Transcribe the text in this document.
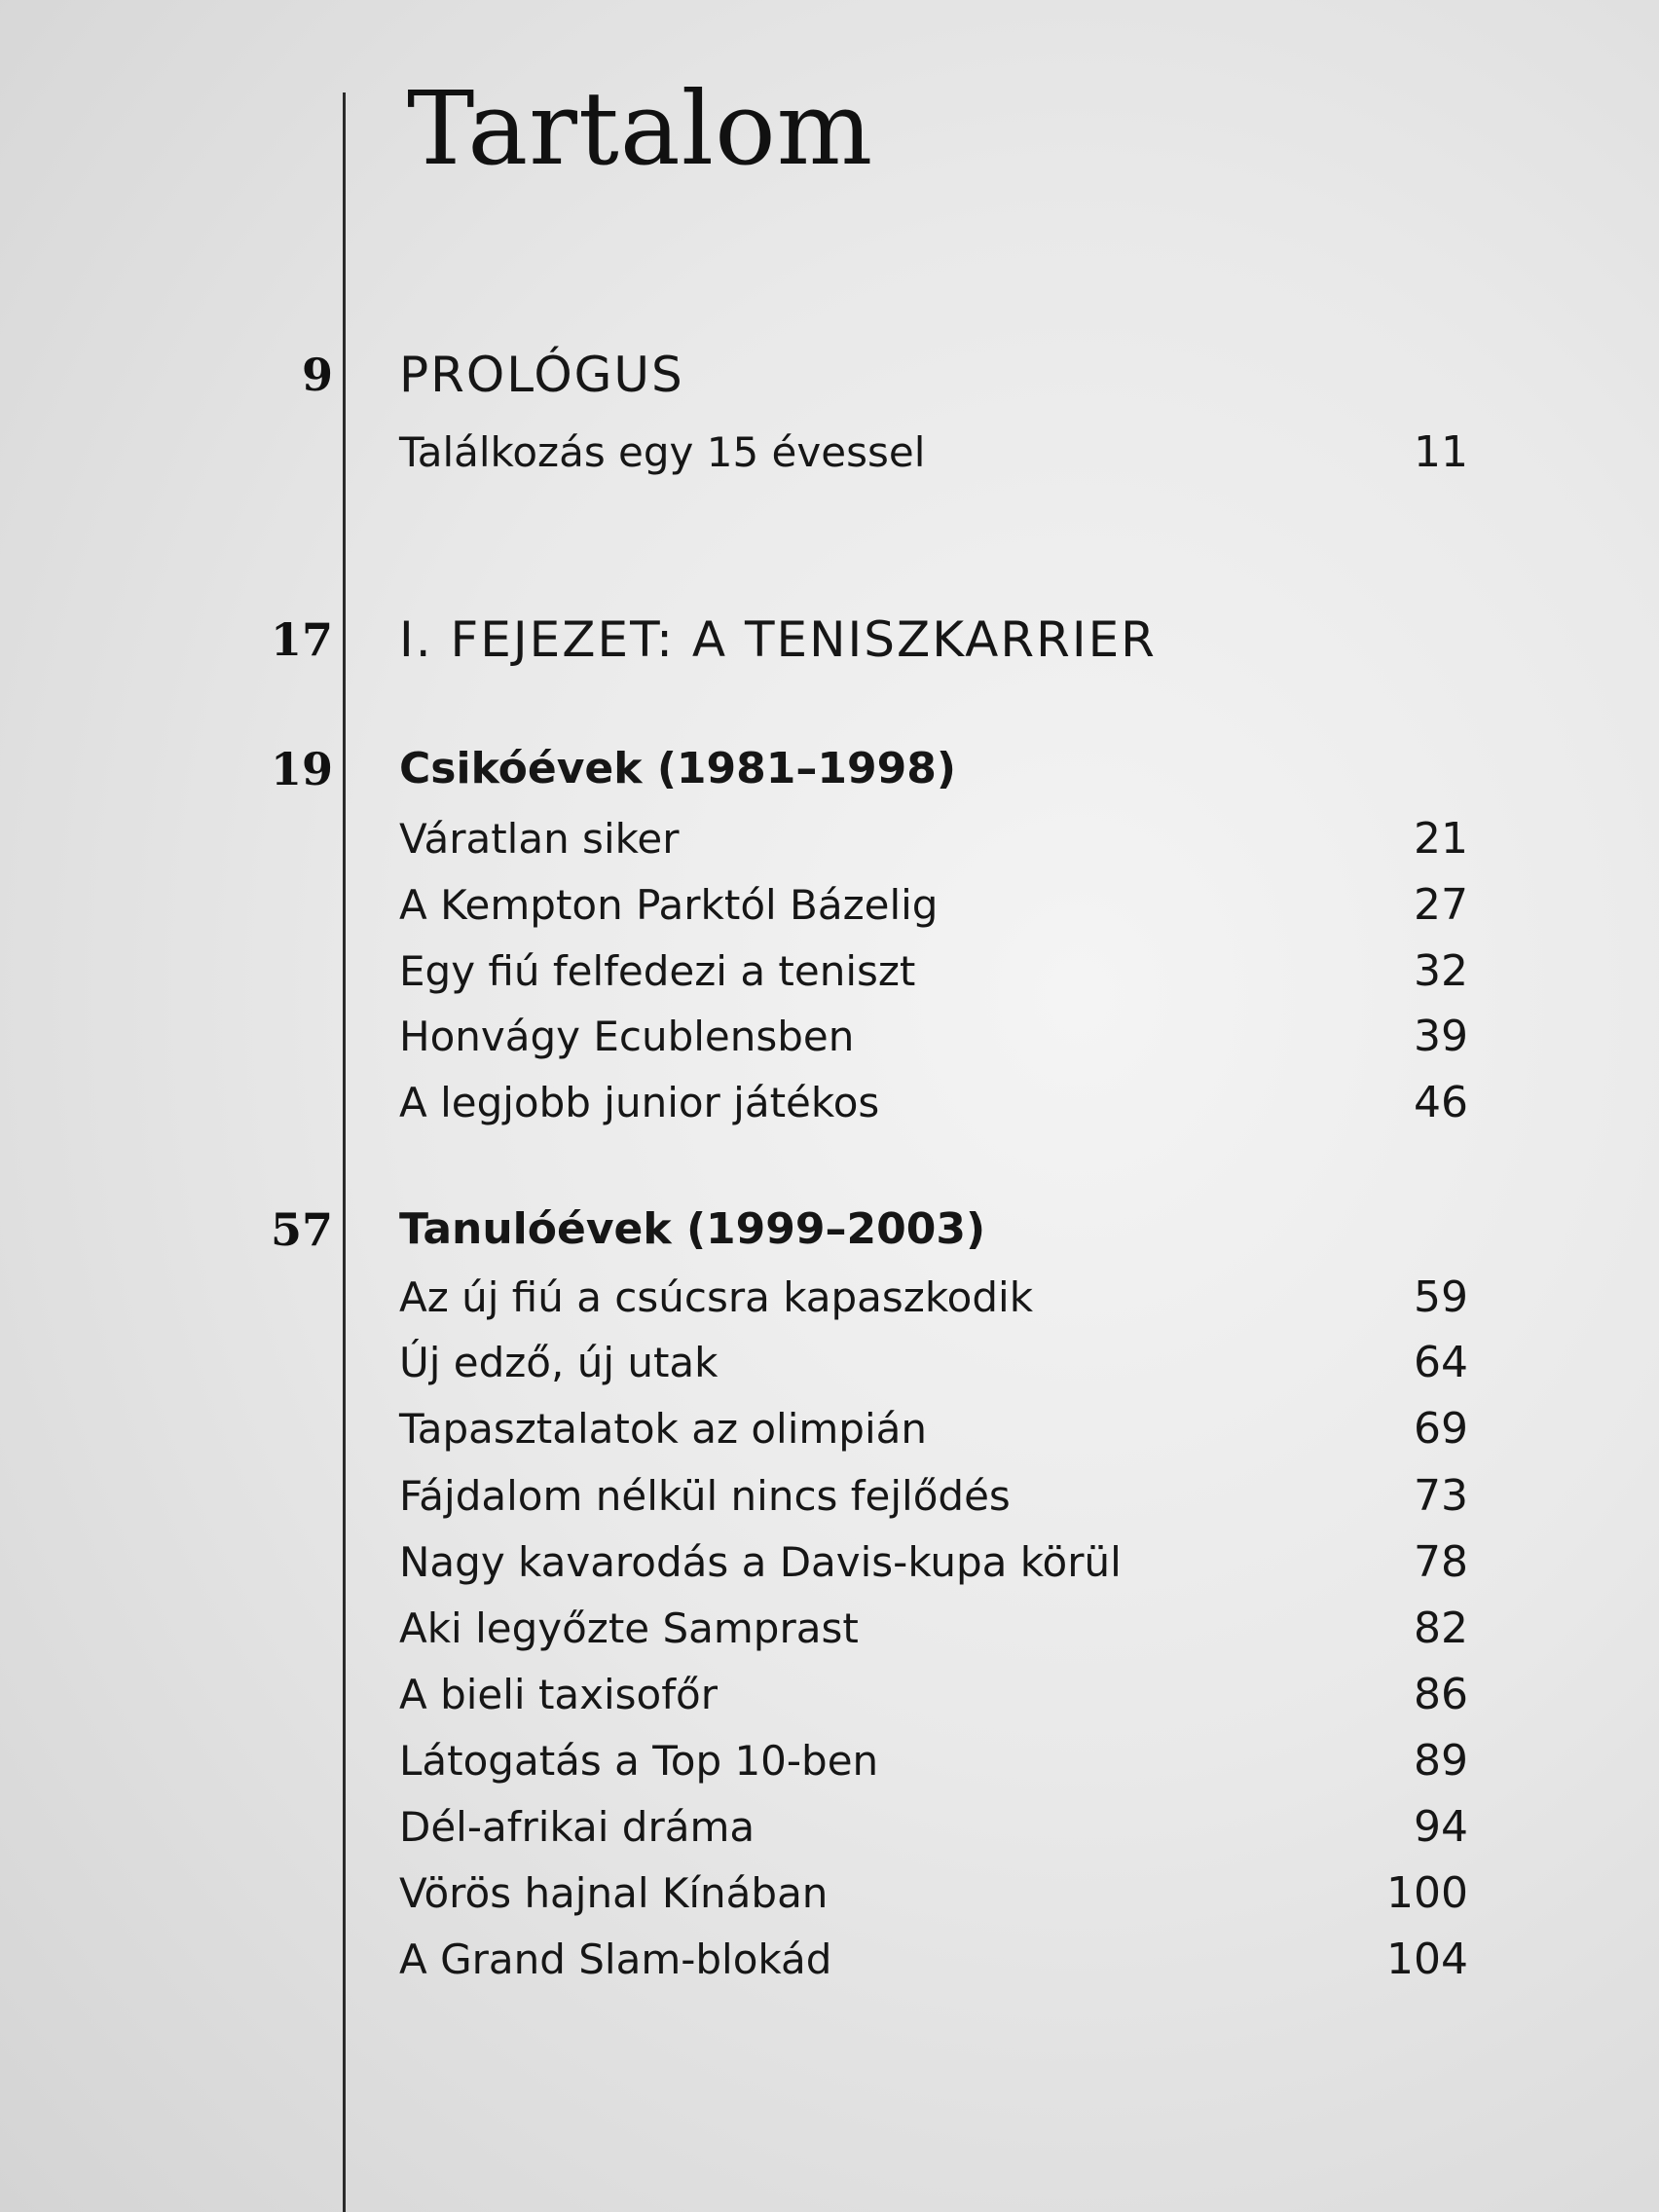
Tartalom
9 PROLÓGUS
Találkozás egy 15 évessel	11
17 I. FEJEZET: A TENISZKARRIER
19 Csikóévek (1981–1998)
Váratlan siker	21
A Kempton Parktól Bázelig	27
Egy fiú felfedezi a teniszt	32
Honvágy Ecublensben	39
A legjobb junior játékos	46
57 Tanulóévek (1999–2003)
Az új fiú a csúcsra kapaszkodik	59
Új edző, új utak	64
Tapasztalatok az olimpián	69
Fájdalom nélkül nincs fejlődés	73
Nagy kavarodás a Davis-kupa körül	78
Aki legyőzte Samprast	82
A bieli taxisofőr	86
Látogatás a Top 10-ben	89
Dél-afrikai dráma	94
Vörös hajnal Kínában	100
A Grand Slam-blokád	104
